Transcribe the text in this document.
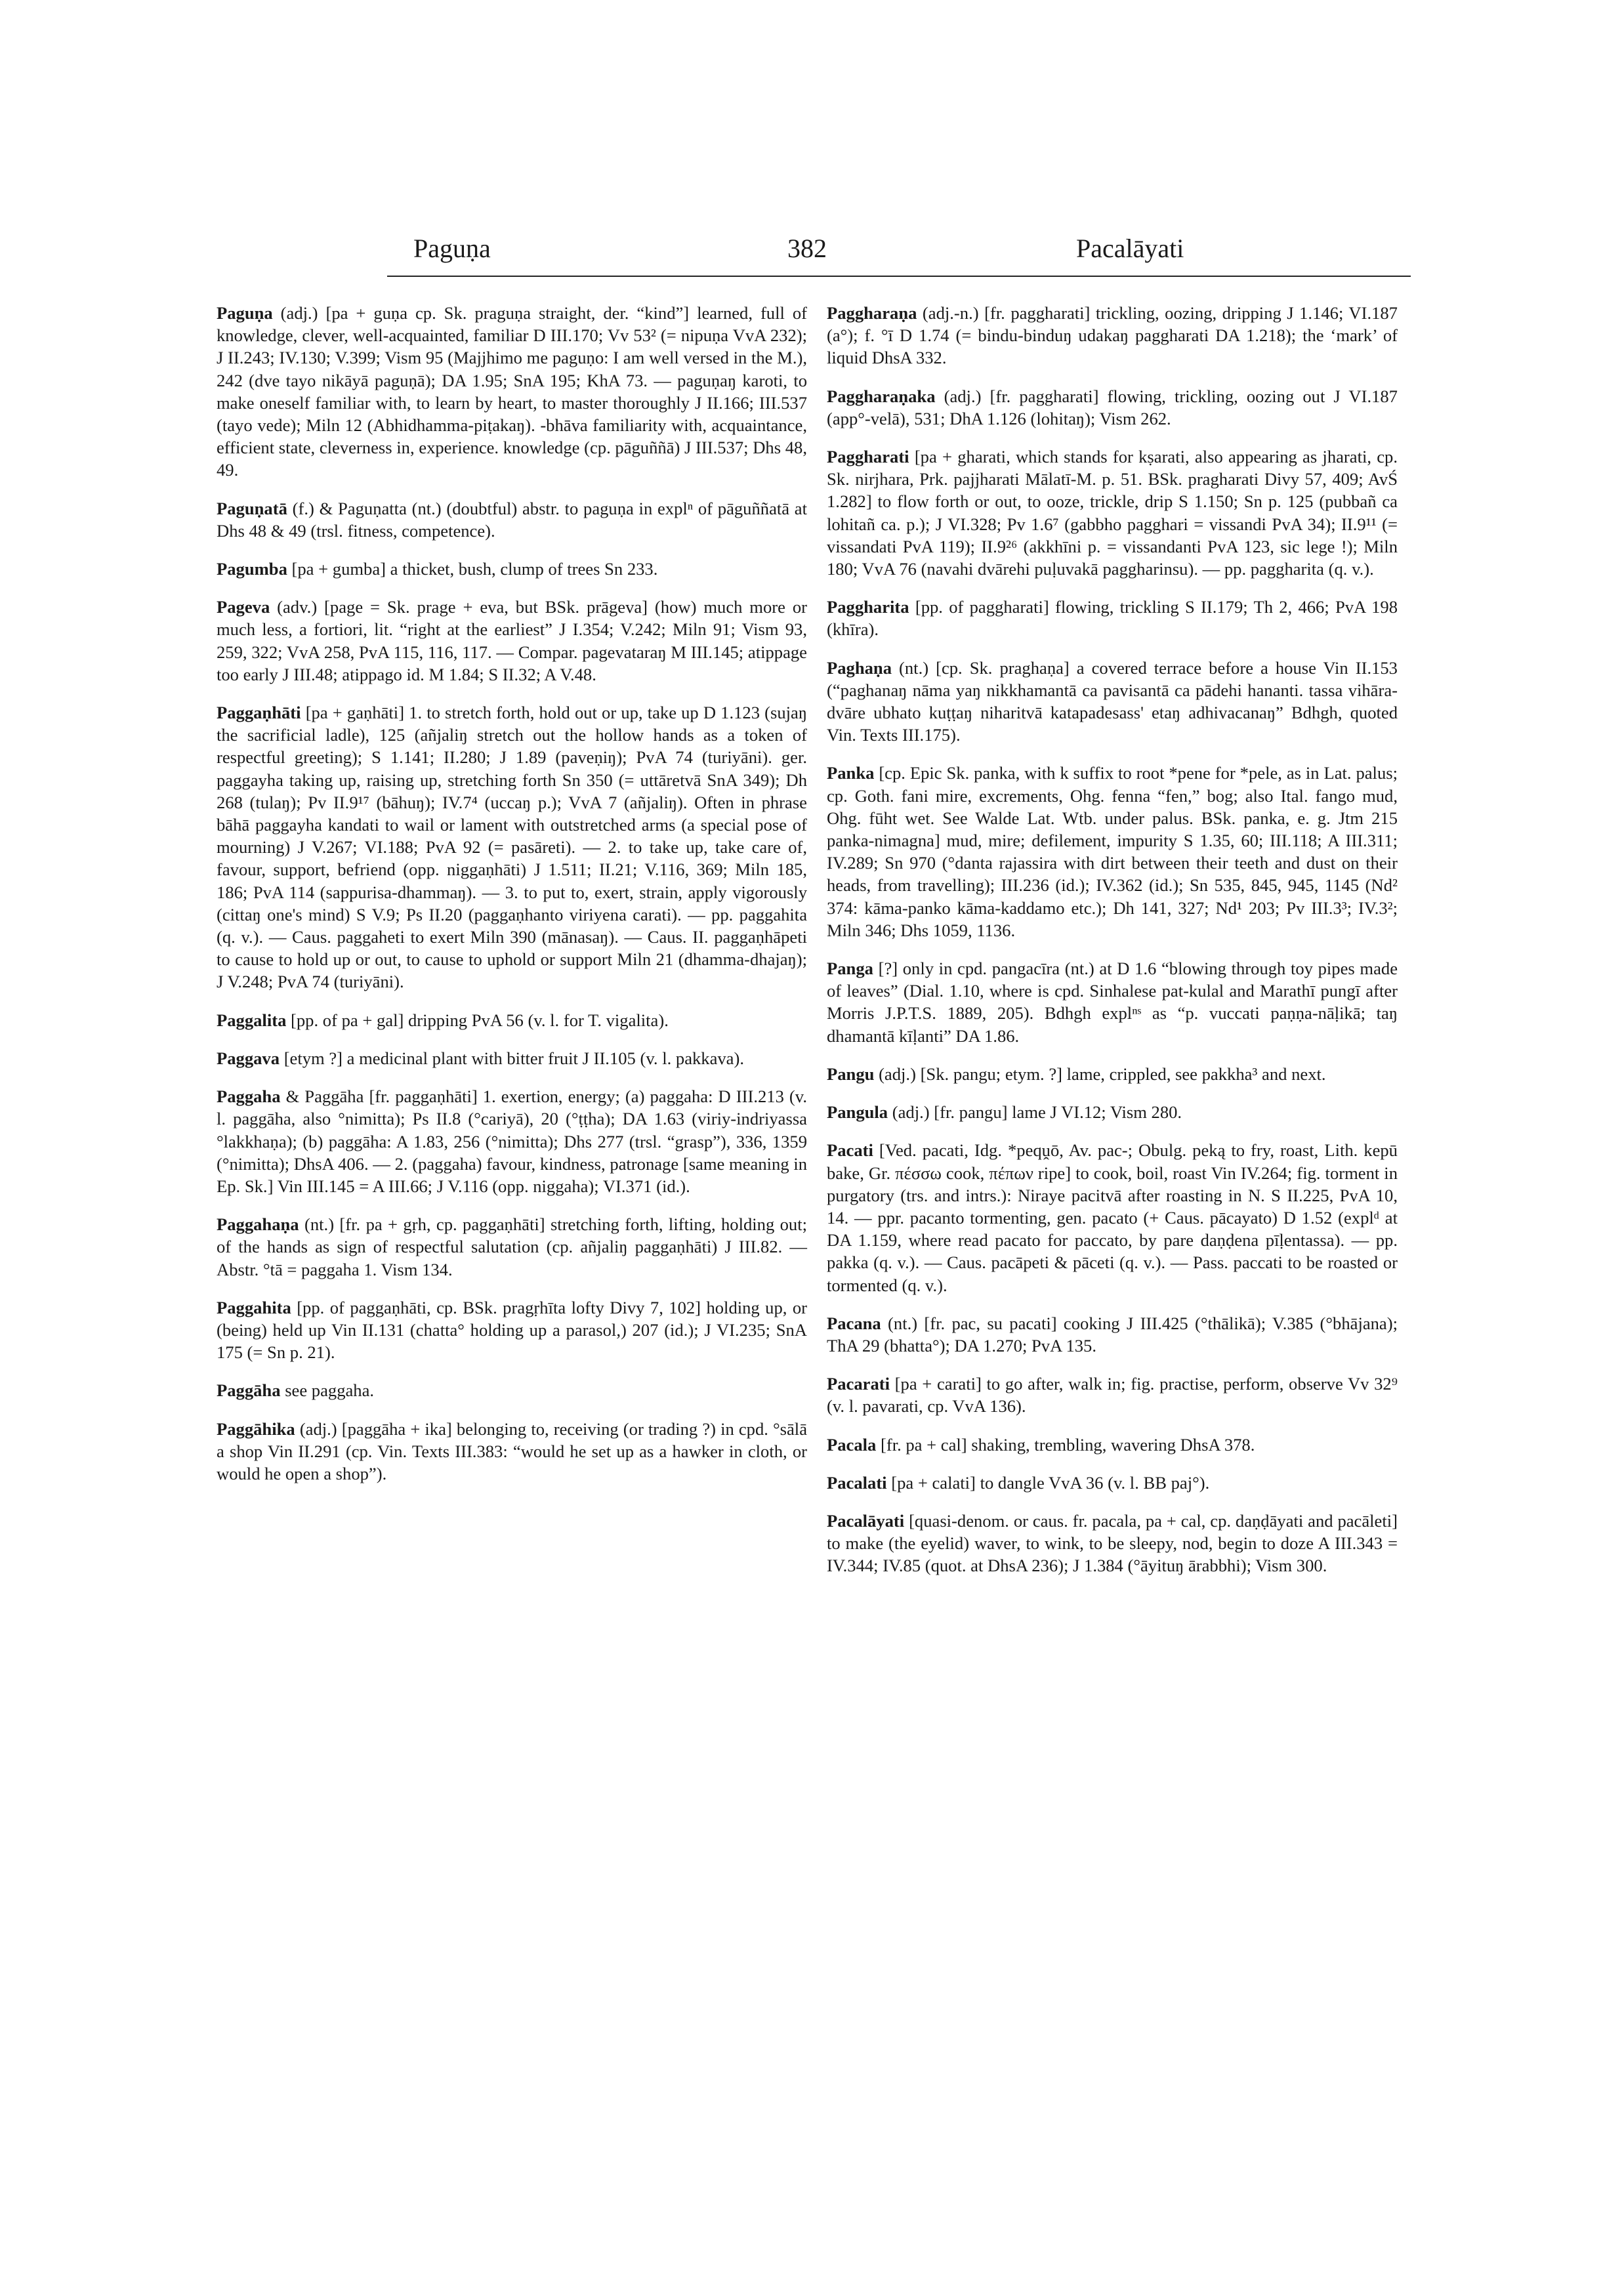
Paguṇa	382	Pacalāyati

Paguṇa (adj.) [pa + guṇa cp. Sk. praguṇa straight, der. “kind”] learned, full of knowledge, clever, well-acquainted, familiar D III.170; Vv 53² (= nipuṇa VvA 232); J II.243; IV.130; V.399; Vism 95 (Majjhimo me paguṇo: I am well versed in the M.), 242 (dve tayo nikāyā paguṇā); DA 1.95; SnA 195; KhA 73. — paguṇaŋ karoti, to make oneself familiar with, to learn by heart, to master thoroughly J II.166; III.537 (tayo vede); Miln 12 (Abhidhamma-piṭakaŋ). -bhāva familiarity with, acquaintance, efficient state, cleverness in, experience. knowledge (cp. pāguññā) J III.537; Dhs 48, 49.

Paguṇatā (f.) & Paguṇatta (nt.) (doubtful) abstr. to paguṇa in explⁿ of pāguññatā at Dhs 48 & 49 (trsl. fitness, competence).

Pagumba [pa + gumba] a thicket, bush, clump of trees Sn 233.

Pageva (adv.) [page = Sk. prage + eva, but BSk. prāgeva] (how) much more or much less, a fortiori, lit. “right at the earliest” J I.354; V.242; Miln 91; Vism 93, 259, 322; VvA 258, PvA 115, 116, 117. — Compar. pagevataraŋ M III.145; atippage too early J III.48; atippago id. M 1.84; S II.32; A V.48.

Paggaṇhāti [pa + gaṇhāti] 1. to stretch forth, hold out or up, take up D 1.123 (sujaŋ the sacrificial ladle), 125 (añjaliŋ stretch out the hollow hands as a token of respectful greeting); S 1.141; II.280; J 1.89 (paveṇiŋ); PvA 74 (turiyāni). ger. paggayha taking up, raising up, stretching forth Sn 350 (= uttāretvā SnA 349); Dh 268 (tulaŋ); Pv II.9¹⁷ (bāhuŋ); IV.7⁴ (uccaŋ p.); VvA 7 (añjaliŋ). Often in phrase bāhā paggayha kandati to wail or lament with outstretched arms (a special pose of mourning) J V.267; VI.188; PvA 92 (= pasāreti). — 2. to take up, take care of, favour, support, befriend (opp. niggaṇhāti) J 1.511; II.21; V.116, 369; Miln 185, 186; PvA 114 (sappurisa-dhammaŋ). — 3. to put to, exert, strain, apply vigorously (cittaŋ one's mind) S V.9; Ps II.20 (paggaṇhanto viriyena carati). — pp. paggahita (q. v.). — Caus. paggaheti to exert Miln 390 (mānasaŋ). — Caus. II. paggaṇhāpeti to cause to hold up or out, to cause to uphold or support Miln 21 (dhamma-dhajaŋ); J V.248; PvA 74 (turiyāni).

Paggalita [pp. of pa + gal] dripping PvA 56 (v. l. for T. vigalita).

Paggava [etym ?] a medicinal plant with bitter fruit J II.105 (v. l. pakkava).

Paggaha & Paggāha [fr. paggaṇhāti] 1. exertion, energy; (a) paggaha: D III.213 (v. l. paggāha, also °nimitta); Ps II.8 (°cariyā), 20 (°ṭṭha); DA 1.63 (viriy-indriyassa °lakkhaṇa); (b) paggāha: A 1.83, 256 (°nimitta); Dhs 277 (trsl. “grasp”), 336, 1359 (°nimitta); DhsA 406. — 2. (paggaha) favour, kindness, patronage [same meaning in Ep. Sk.] Vin III.145 = A III.66; J V.116 (opp. niggaha); VI.371 (id.).

Paggahaṇa (nt.) [fr. pa + gṛh, cp. paggaṇhāti] stretching forth, lifting, holding out; of the hands as sign of respectful salutation (cp. añjaliŋ paggaṇhāti) J III.82. — Abstr. °tā = paggaha 1. Vism 134.

Paggahita [pp. of paggaṇhāti, cp. BSk. pragṛhīta lofty Divy 7, 102] holding up, or (being) held up Vin II.131 (chatta° holding up a parasol,) 207 (id.); J VI.235; SnA 175 (= Sn p. 21).

Paggāha see paggaha.

Paggāhika (adj.) [paggāha + ika] belonging to, receiving (or trading ?) in cpd. °sālā a shop Vin II.291 (cp. Vin. Texts III.383: “would he set up as a hawker in cloth, or would he open a shop”).

Paggharaṇa (adj.-n.) [fr. paggharati] trickling, oozing, dripping J 1.146; VI.187 (a°); f. °ī D 1.74 (= bindu-binduŋ udakaŋ paggharati DA 1.218); the ‘mark’ of liquid DhsA 332.

Paggharaṇaka (adj.) [fr. paggharati] flowing, trickling, oozing out J VI.187 (app°-velā), 531; DhA 1.126 (lohitaŋ); Vism 262.

Paggharati [pa + gharati, which stands for kṣarati, also appearing as jharati, cp. Sk. nirjhara, Prk. pajjharati Mālatī-M. p. 51. BSk. pragharati Divy 57, 409; AvŚ 1.282] to flow forth or out, to ooze, trickle, drip S 1.150; Sn p. 125 (pubbañ ca lohitañ ca. p.); J VI.328; Pv 1.6⁷ (gabbho pagghari = vissandi PvA 34); II.9¹¹ (= vissandati PvA 119); II.9²⁶ (akkhīni p. = vissandanti PvA 123, sic lege !); Miln 180; VvA 76 (navahi dvārehi puḷuvakā paggharinsu). — pp. paggharita (q. v.).

Paggharita [pp. of paggharati] flowing, trickling S II.179; Th 2, 466; PvA 198 (khīra).

Paghaṇa (nt.) [cp. Sk. praghaṇa] a covered terrace before a house Vin II.153 (“paghanaŋ nāma yaŋ nikkhamantā ca pavisantā ca pādehi hananti. tassa vihāra-dvāre ubhato kuṭṭaŋ niharitvā katapadesass' etaŋ adhivacanaŋ” Bdhgh, quoted Vin. Texts III.175).

Panka [cp. Epic Sk. panka, with k suffix to root *pene for *pele, as in Lat. palus; cp. Goth. fani mire, excrements, Ohg. fenna “fen,” bog; also Ital. fango mud, Ohg. fūht wet. See Walde Lat. Wtb. under palus. BSk. panka, e. g. Jtm 215 panka-nimagna] mud, mire; defilement, impurity S 1.35, 60; III.118; A III.311; IV.289; Sn 970 (°danta rajassira with dirt between their teeth and dust on their heads, from travelling); III.236 (id.); IV.362 (id.); Sn 535, 845, 945, 1145 (Nd² 374: kāma-panko kāma-kaddamo etc.); Dh 141, 327; Nd¹ 203; Pv III.3³; IV.3²; Miln 346; Dhs 1059, 1136.

Panga [?] only in cpd. pangacīra (nt.) at D 1.6 “blowing through toy pipes made of leaves” (Dial. 1.10, where is cpd. Sinhalese pat-kulal and Marathī pungī after Morris J.P.T.S. 1889, 205). Bdhgh explⁿˢ as “p. vuccati paṇṇa-nāḷikā; taŋ dhamantā kīḷanti” DA 1.86.

Pangu (adj.) [Sk. pangu; etym. ?] lame, crippled, see pakkha³ and next.

Pangula (adj.) [fr. pangu] lame J VI.12; Vism 280.

Pacati [Ved. pacati, Idg. *peqṷō, Av. pac-; Obulg. peką to fry, roast, Lith. kepū bake, Gr. πέσσω cook, πέπων ripe] to cook, boil, roast Vin IV.264; fig. torment in purgatory (trs. and intrs.): Niraye pacitvā after roasting in N. S II.225, PvA 10, 14. — ppr. pacanto tormenting, gen. pacato (+ Caus. pācayato) D 1.52 (explᵈ at DA 1.159, where read pacato for paccato, by pare daṇḍena pīḷentassa). — pp. pakka (q. v.). — Caus. pacāpeti & pāceti (q. v.). — Pass. paccati to be roasted or tormented (q. v.).

Pacana (nt.) [fr. pac, su pacati] cooking J III.425 (°thālikā); V.385 (°bhājana); ThA 29 (bhatta°); DA 1.270; PvA 135.

Pacarati [pa + carati] to go after, walk in; fig. practise, perform, observe Vv 32⁹ (v. l. pavarati, cp. VvA 136).

Pacala [fr. pa + cal] shaking, trembling, wavering DhsA 378.

Pacalati [pa + calati] to dangle VvA 36 (v. l. BB paj°).

Pacalāyati [quasi-denom. or caus. fr. pacala, pa + cal, cp. daṇḍāyati and pacāleti] to make (the eyelid) waver, to wink, to be sleepy, nod, begin to doze A III.343 = IV.344; IV.85 (quot. at DhsA 236); J 1.384 (°āyituŋ ārabbhi); Vism 300.
